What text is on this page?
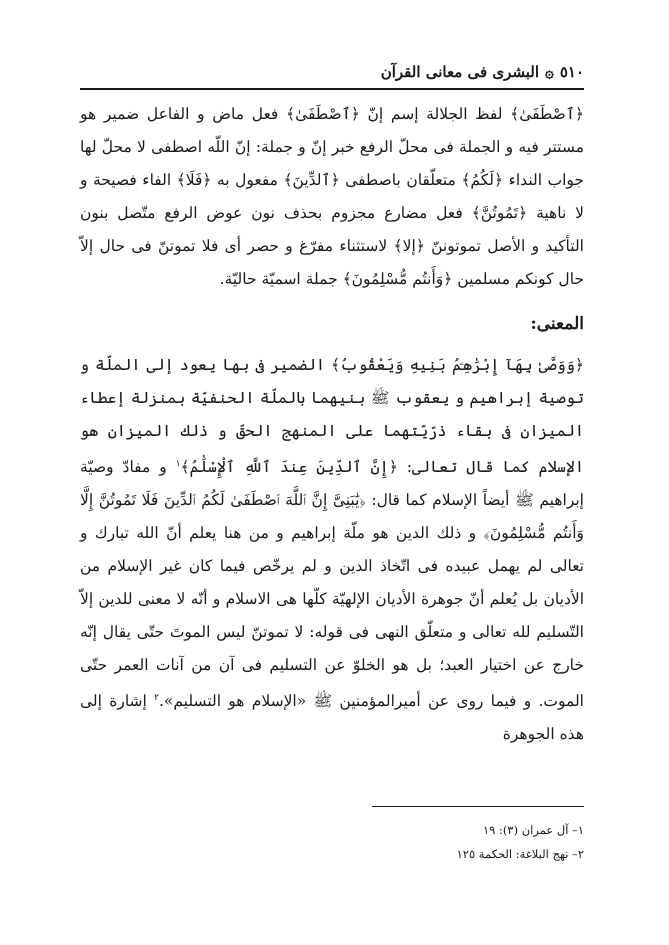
٥١٠
۞
البشرى فى معانى القرآن

﴿ٱصْطَفَىٰ﴾ لفظ الجلالة إسم إنّ ﴿ٱصْطَفَىٰ﴾ فعل ماض و الفاعل ضمير هو مستتر فيه و الجملة فى محلّ الرفع خبر إنّ و جملة: إنّ اللّه اصطفى لا محلّ لها جواب النداء ﴿لَكُمُ﴾ متعلّقان باصطفى ﴿ٱلدِّينَ﴾ مفعول به ﴿فَلَا﴾ الفاء فصيحة و لا ناهية ﴿تَمُوتُنَّ﴾ فعل مضارع مجزوم بحذف نون عوض الرفع متّصل بنون التأكيد و الأصل تموتوننّ ﴿إلا﴾ لاستثناء مفرّغ و حصر أى فلا تموتنّ فى حال إلاّ حال كونكم مسلمين ﴿وَأَنتُم مُّسْلِمُونَ﴾ جملة اسميّة حاليّة.

المعنى:

﴿وَوَصَّىٰ بِهَآ إِبْرَٰهِـۧمُ بَنِيهِ وَيَعْقُوبُ﴾ الضمير فى بها يعود إلى الملّة و توصية إبراهيم و يعقوب ﷺ بنيهما بالملّة الحنفيّة بمنزلة إعطاء الميزان فى بقاء ذرّيّتهما على المنهج الحقّ و ذلك الميزان هو الإسلام كما قال تعالى: ﴿إِنَّ ٱلدِّينَ عِندَ ٱللَّهِ ٱلْإِسْلَٰمُ﴾$^١$ و مفادّ وصيّة إبراهيم ﷺ أيضاً الإسلام كما قال: ﴿يَٰبَنِىَّ إِنَّ ٱللَّهَ ٱصْطَفَىٰ لَكُمُ ٱلدِّينَ فَلَا تَمُوتُنَّ إِلَّا وَأَنتُم مُّسْلِمُونَ﴾ و ذلك الدين هو ملّة إبراهيم و من هنا يعلم أنّ الله تبارك و تعالى لم يهمل عبيده فى اتّخاذ الدين و لم يرخّص فيما كان غير الإسلام من الأديان بل يُعلم أنّ جوهرة الأديان الإلهيّة كلّها هى الاسلام و أنّه لا معنى للدين إلاّ التّسليم لله تعالى و متعلّق النهى فى قوله: لا تموتنّ ليس الموتَ حتّى يقال إنّه خارج عن اختيار العبد؛ بل هو الخلوّ عن التسليم فى آن من آنات العمر حتّى الموت. و فيما روى عن أميرالمؤمنين ﷺ «الإسلام هو التسليم».$^٢$ إشارة إلى هذه الجوهرة

١– آل عمران (٣): ١٩
٢– نهج البلاغة: الحكمة ١٢٥
